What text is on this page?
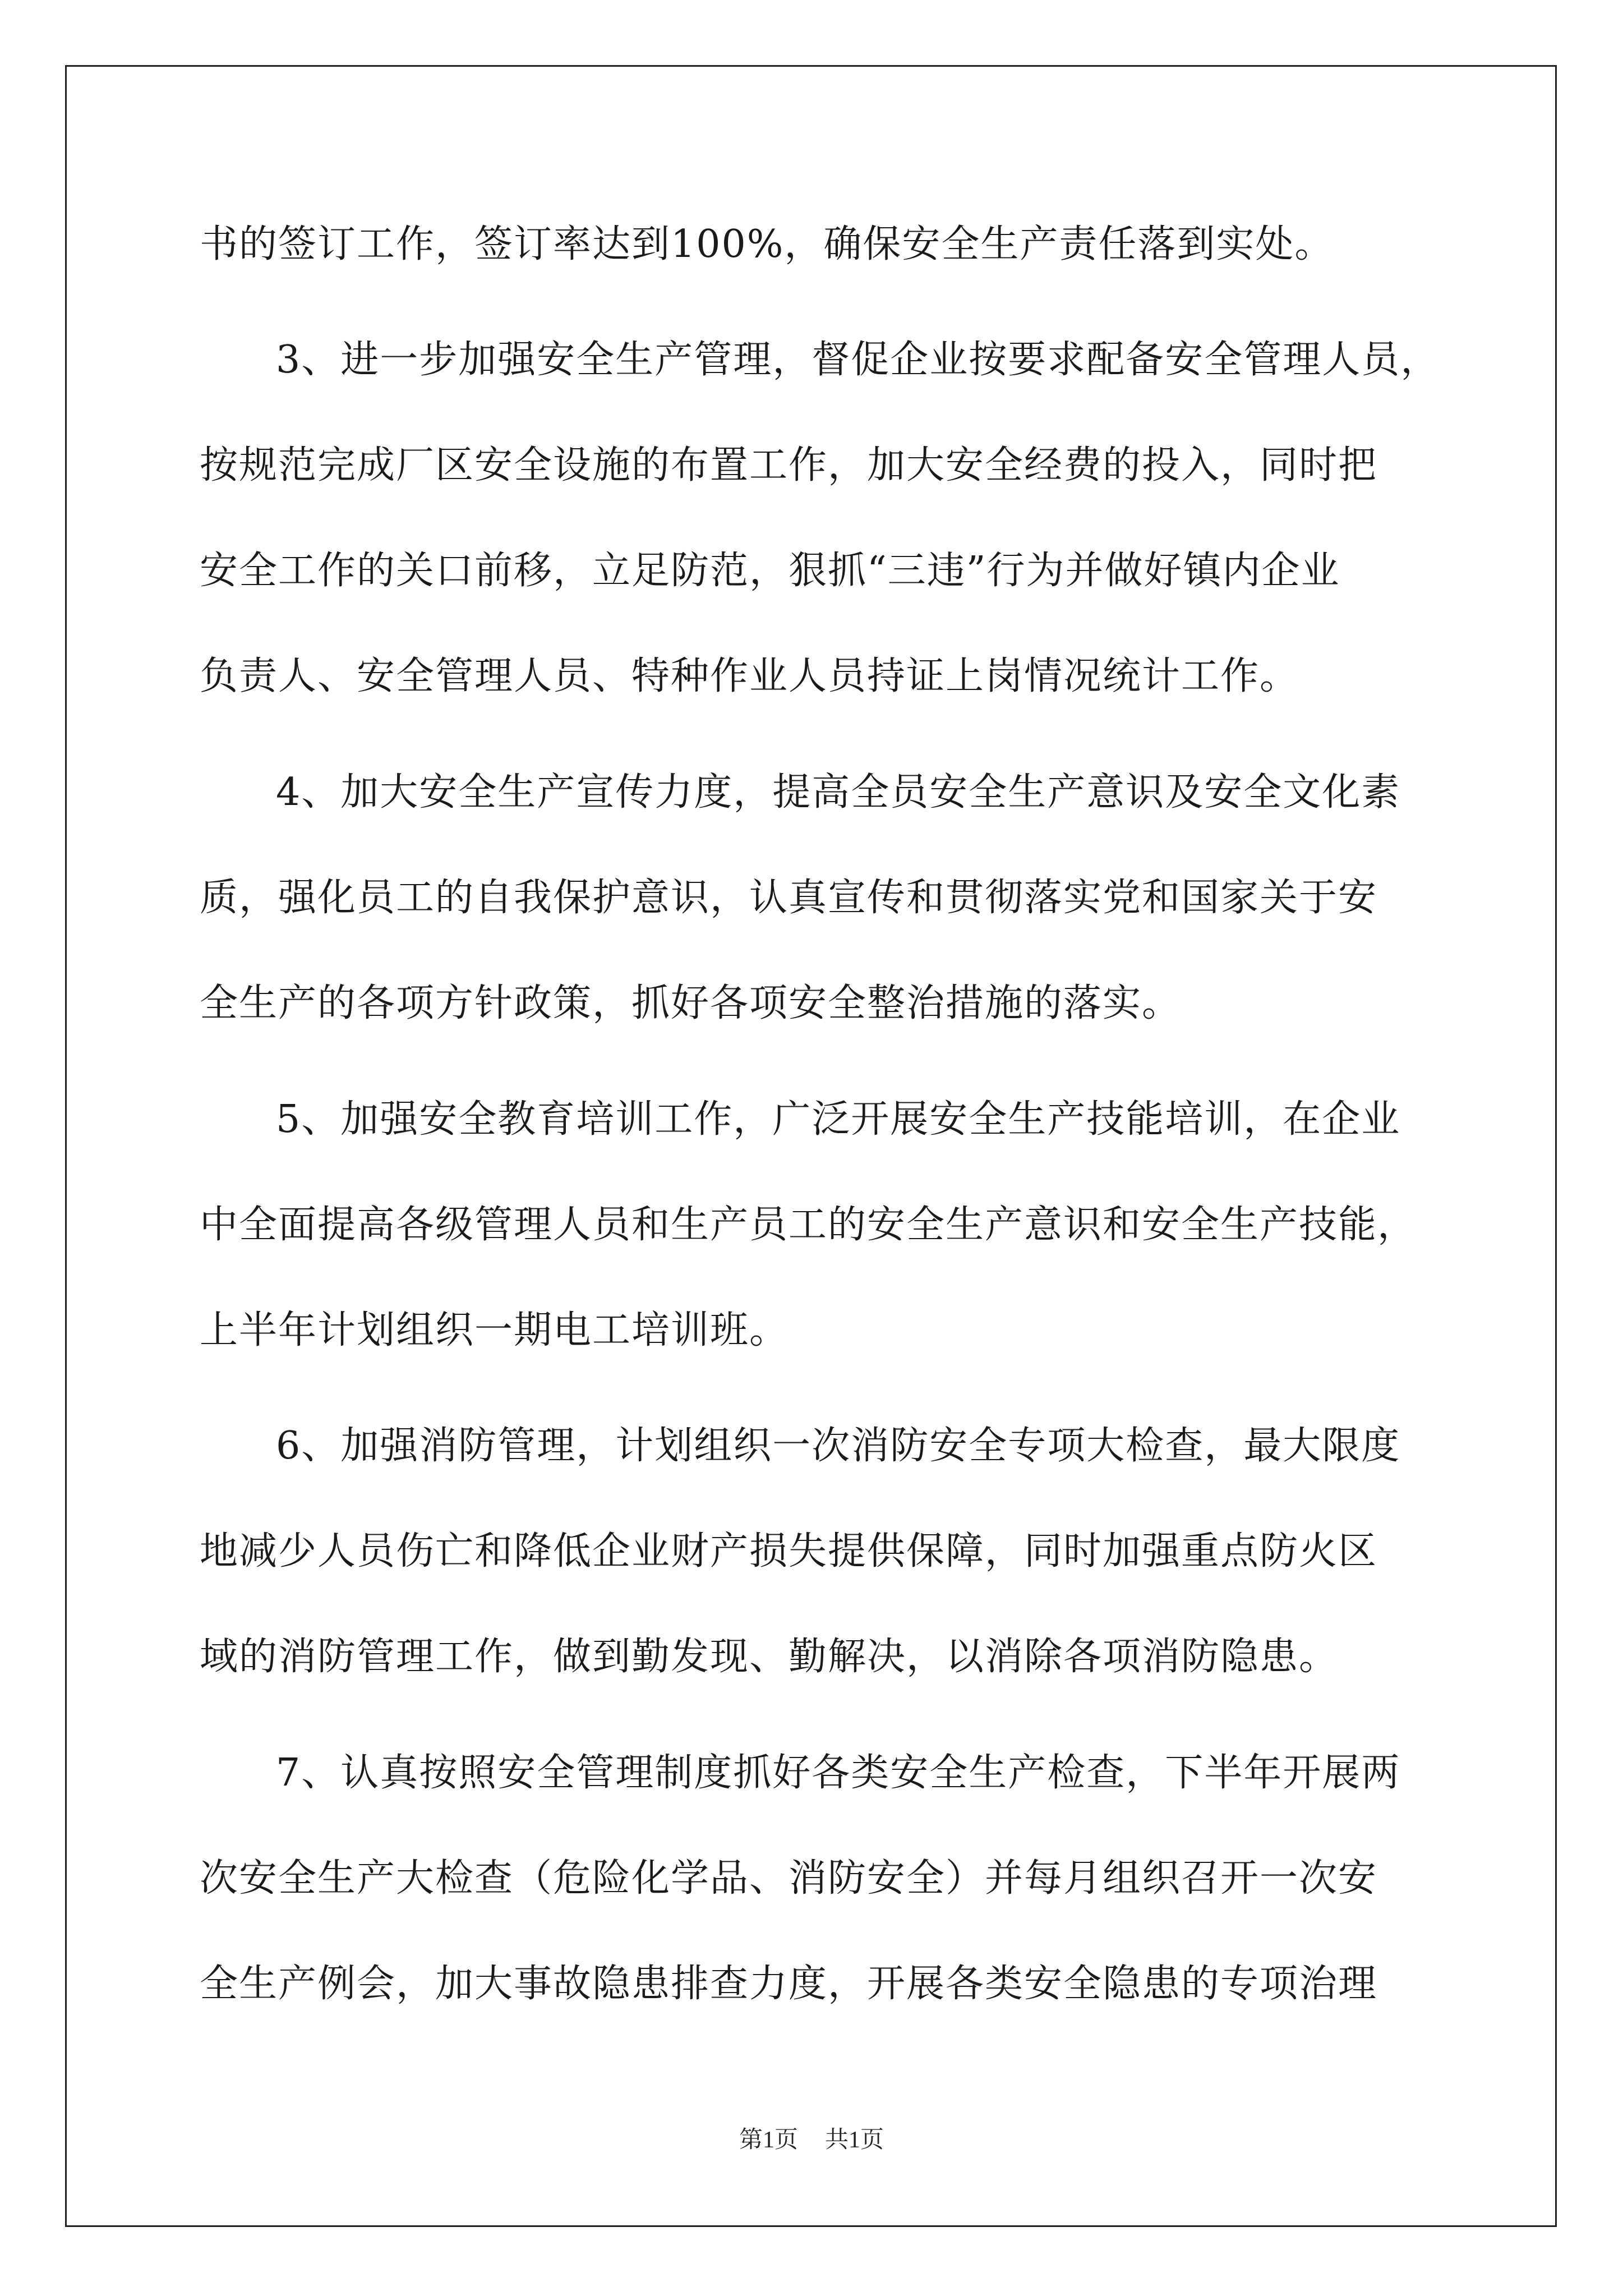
书的签订工作，签订率达到100%，确保安全生产责任落到实处。
3、进一步加强安全生产管理，督促企业按要求配备安全管理人员，
按规范完成厂区安全设施的布置工作，加大安全经费的投入，同时把
安全工作的关口前移，立足防范，狠抓“三违”行为并做好镇内企业
负责人、安全管理人员、特种作业人员持证上岗情况统计工作。
4、加大安全生产宣传力度，提高全员安全生产意识及安全文化素
质，强化员工的自我保护意识，认真宣传和贯彻落实党和国家关于安
全生产的各项方针政策，抓好各项安全整治措施的落实。
5、加强安全教育培训工作，广泛开展安全生产技能培训，在企业
中全面提高各级管理人员和生产员工的安全生产意识和安全生产技能，
上半年计划组织一期电工培训班。
6、加强消防管理，计划组织一次消防安全专项大检查，最大限度
地减少人员伤亡和降低企业财产损失提供保障，同时加强重点防火区
域的消防管理工作，做到勤发现、勤解决，以消除各项消防隐患。
7、认真按照安全管理制度抓好各类安全生产检查，下半年开展两
次安全生产大检查（危险化学品、消防安全）并每月组织召开一次安
全生产例会，加大事故隐患排查力度，开展各类安全隐患的专项治理
第1页 共1页
